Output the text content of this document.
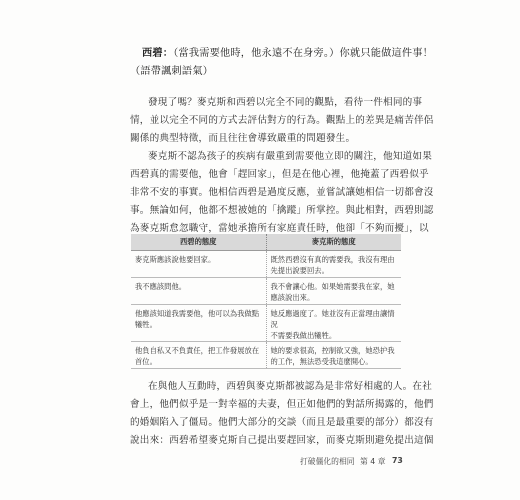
西碧：（當我需要他時，他永遠不在身旁。）你就只能做這件事！
（語帶諷刺語氣）
發現了嗎？麥克斯和西碧以完全不同的觀點，看待一件相同的事
情，並以完全不同的方式去評估對方的行為。觀點上的差異是痛苦伴侶
關係的典型特徵，而且往往會導致嚴重的問題發生。
麥克斯不認為孩子的疾病有嚴重到需要他立即的關注，他知道如果
西碧真的需要他，他會「趕回家」，但是在他心裡，他掩蓋了西碧似乎
非常不安的事實。他相信西碧是過度反應，並嘗試讓她相信一切都會沒
事。無論如何，他都不想被她的「擒蹤」所掌控。與此相對，西碧則認
為麥克斯怠忽職守，當她承擔所有家庭責任時，他卻「不夠而擾」，以
西碧的態度	麥克斯的態度
麥克斯應該說他要回家。	既然西碧沒有真的需要我，我沒有理由
先提出說要回去。
我不應該問他。	我不會讓心他。如果她需要我在家，她
應該說出來。
他應該知道我需要他，他可以為我做點
犧牲。	她反應過度了。她並沒有正當理由讓情況
不需要我做出犧牲。
他負自私又不負責任，把工作發展放在
首位。	她的要求很高，控制欲又強，她恐护我
的工作，無法恐受我這麼開心。
在與他人互動時，西碧與麥克斯都被認為是非常好相處的人。在社
會上，他們似乎是一對幸福的夫妻，但正如他們的對話所揭露的，他們
的婚姻陷入了僵局。他們大部分的交談（而且是最重要的部分）都沒有
說出來：西碧希望麥克斯自己提出要趕回家，而麥克斯則避免提出這個
打破僵化的相同 第 4 章 73
